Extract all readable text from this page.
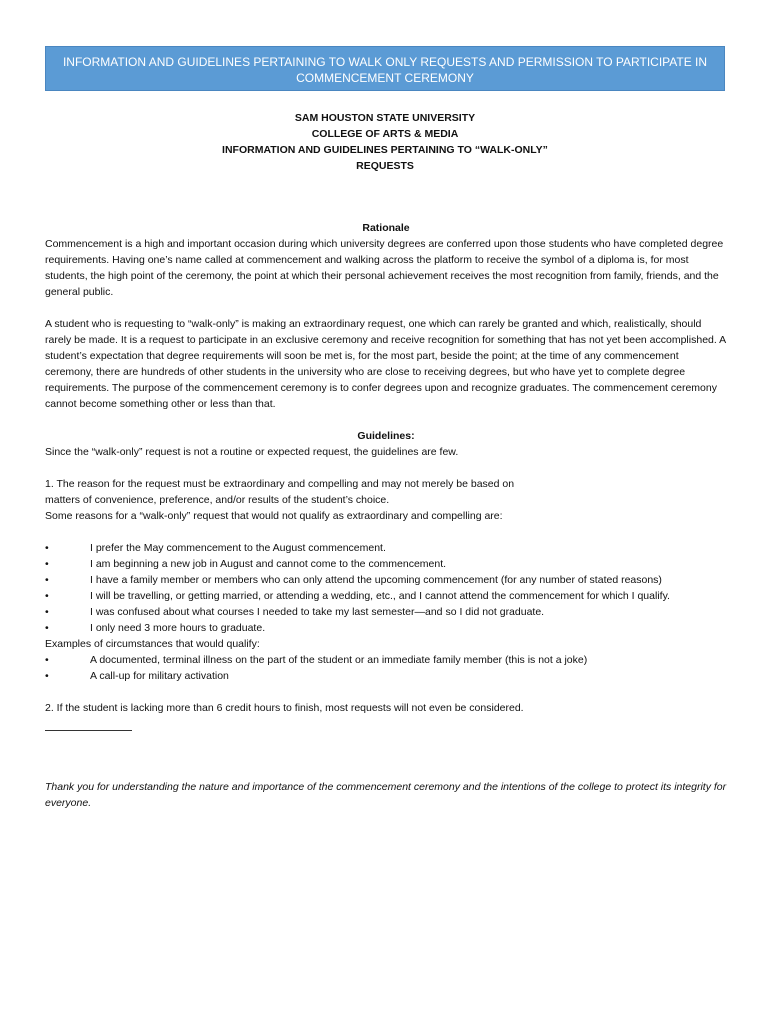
INFORMATION AND GUIDELINES PERTAINING TO WALK ONLY REQUESTS AND PERMISSION TO PARTICIPATE IN
COMMENCEMENT CEREMONY
SAM HOUSTON STATE UNIVERSITY
COLLEGE OF ARTS & MEDIA
INFORMATION AND GUIDELINES PERTAINING TO “WALK-ONLY”
REQUESTS
Rationale

Commencement is a high and important occasion during which university degrees are conferred upon those students who have completed degree requirements. Having one’s name called at commencement and walking across the platform to receive the symbol of a diploma is, for most students, the high point of the ceremony, the point at which their personal achievement receives the most recognition from family, friends, and the general public.

A student who is requesting to “walk-only” is making an extraordinary request, one which can rarely be granted and which, realistically, should rarely be made. It is a request to participate in an exclusive ceremony and receive recognition for something that has not yet been accomplished. A student’s expectation that degree requirements will soon be met is, for the most part, beside the point; at the time of any commencement ceremony, there are hundreds of other students in the university who are close to receiving degrees, but who have yet to complete degree requirements. The purpose of the commencement ceremony is to confer degrees upon and recognize graduates. The commencement ceremony cannot become something other or less than that.

Guidelines:

Since the “walk-only” request is not a routine or expected request, the guidelines are few.

1. The reason for the request must be extraordinary and compelling and may not merely be based on

matters of convenience, preference, and/or results of the student’s choice.

Some reasons for a “walk-only” request that would not qualify as extraordinary and compelling are:

•	I prefer the May commencement to the August commencement.
•	I am beginning a new job in August and cannot come to the commencement.
•	I have a family member or members who can only attend the upcoming commencement (for any number of stated reasons)
•	I will be travelling, or getting married, or attending a wedding, etc., and I cannot attend the commencement for which I qualify.
•	I was confused about what courses I needed to take my last semester—and so I did not graduate.
•	I only need 3 more hours to graduate.

Examples of circumstances that would qualify:

•	A documented, terminal illness on the part of the student or an immediate family member (this is not a joke)
•	A call-up for military activation

2. If the student is lacking more than 6 credit hours to finish, most requests will not even be considered.

Thank you for understanding the nature and importance of the commencement ceremony and the intentions of the college to protect its integrity for everyone.
